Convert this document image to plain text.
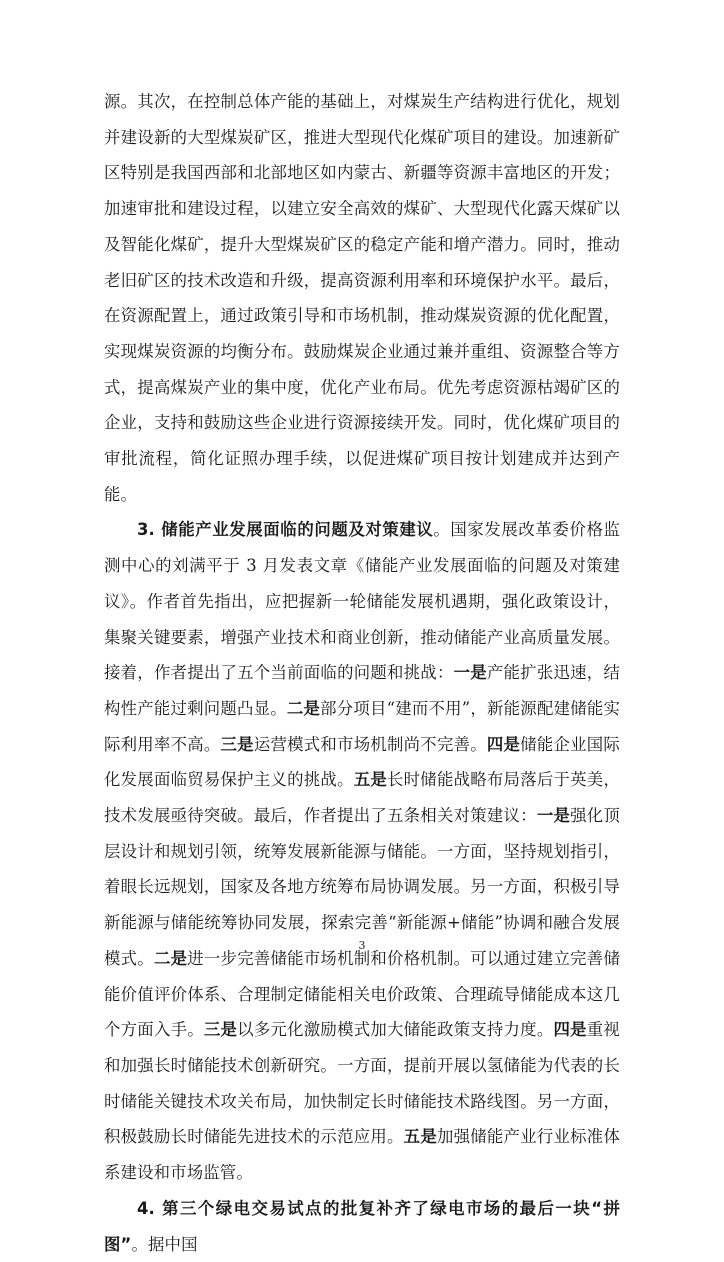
源。其次，在控制总体产能的基础上，对煤炭生产结构进行优化，规划并建设新的大型煤炭矿区，推进大型现代化煤矿项目的建设。加速新矿区特别是我国西部和北部地区如内蒙古、新疆等资源丰富地区的开发；加速审批和建设过程，以建立安全高效的煤矿、大型现代化露天煤矿以及智能化煤矿，提升大型煤炭矿区的稳定产能和增产潜力。同时，推动老旧矿区的技术改造和升级，提高资源利用率和环境保护水平。最后，在资源配置上，通过政策引导和市场机制，推动煤炭资源的优化配置，实现煤炭资源的均衡分布。鼓励煤炭企业通过兼并重组、资源整合等方式，提高煤炭产业的集中度，优化产业布局。优先考虑资源枯竭矿区的企业，支持和鼓励这些企业进行资源接续开发。同时，优化煤矿项目的审批流程，简化证照办理手续，以促进煤矿项目按计划建成并达到产能。

3. 储能产业发展面临的问题及对策建议。国家发展改革委价格监测中心的刘满平于 3 月发表文章《储能产业发展面临的问题及对策建议》。作者首先指出，应把握新一轮储能发展机遇期，强化政策设计，集聚关键要素，增强产业技术和商业创新，推动储能产业高质量发展。接着，作者提出了五个当前面临的问题和挑战：一是产能扩张迅速，结构性产能过剩问题凸显。二是部分项目“建而不用”，新能源配建储能实际利用率不高。三是运营模式和市场机制尚不完善。四是储能企业国际化发展面临贸易保护主义的挑战。五是长时储能战略布局落后于英美，技术发展亟待突破。最后，作者提出了五条相关对策建议：一是强化顶层设计和规划引领，统筹发展新能源与储能。一方面，坚持规划指引，着眼长远规划，国家及各地方统筹布局协调发展。另一方面，积极引导新能源与储能统筹协同发展，探索完善“新能源+储能”协调和融合发展模式。二是进一步完善储能市场机制和价格机制。可以通过建立完善储能价值评价体系、合理制定储能相关电价政策、合理疏导储能成本这几个方面入手。三是以多元化激励模式加大储能政策支持力度。四是重视和加强长时储能技术创新研究。一方面，提前开展以氢储能为代表的长时储能关键技术攻关布局，加快制定长时储能技术路线图。另一方面，积极鼓励长时储能先进技术的示范应用。五是加强储能产业行业标准体系建设和市场监管。

4. 第三个绿电交易试点的批复补齐了绿电市场的最后一块“拼图”。据中国

3
